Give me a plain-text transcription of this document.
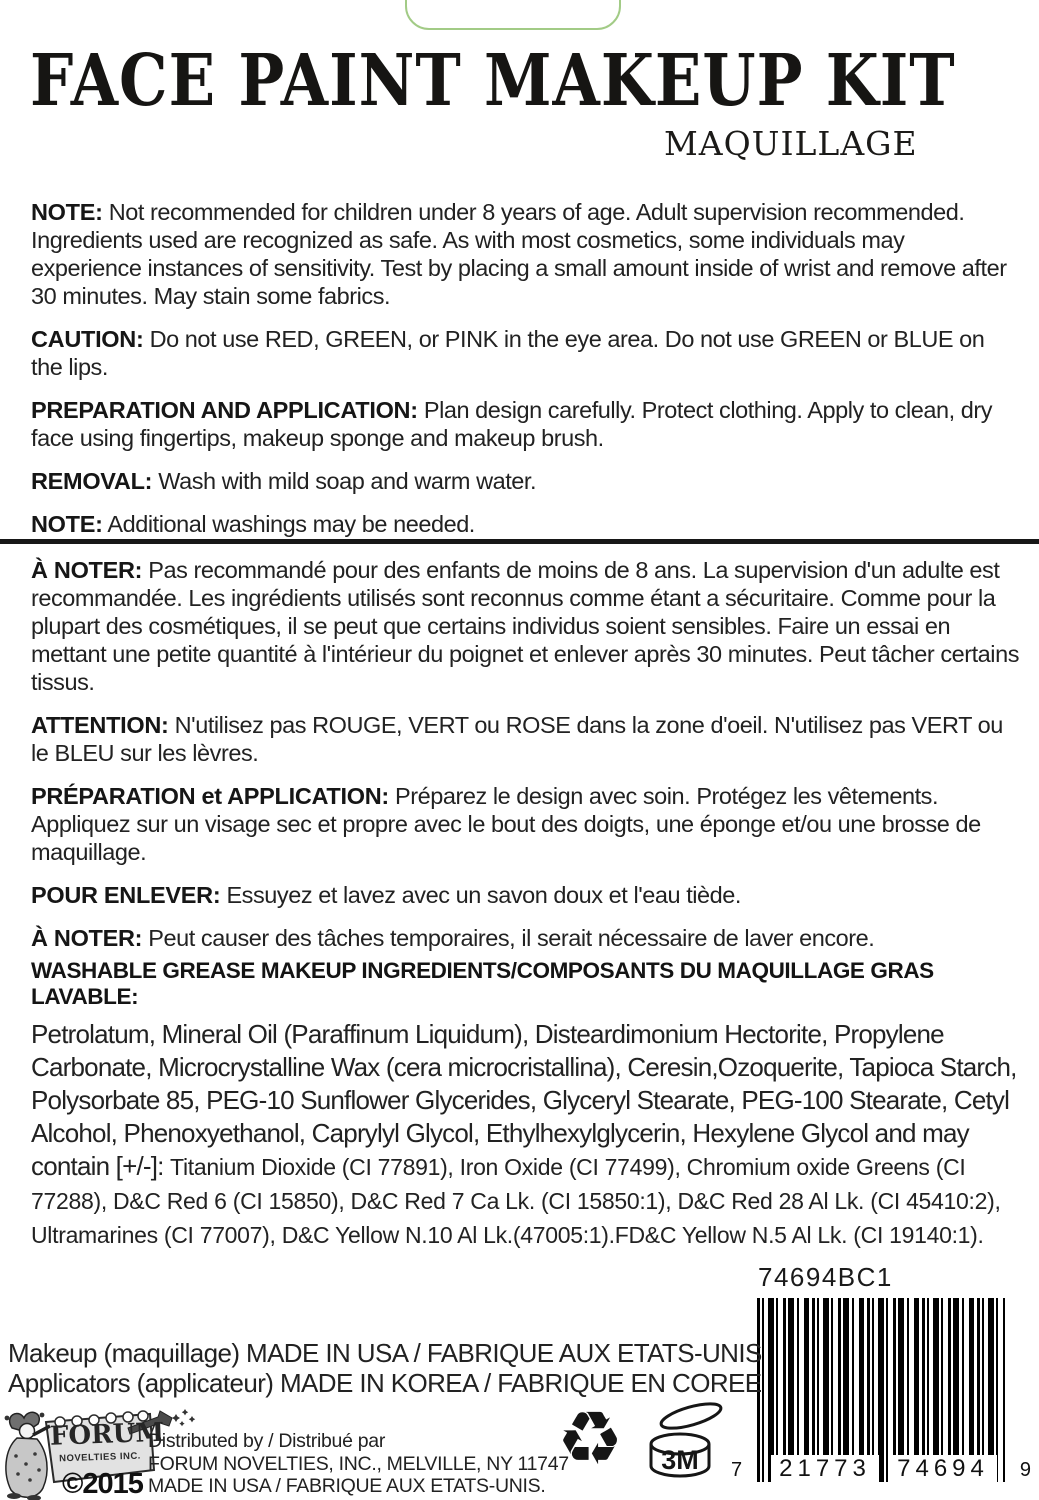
FACE PAINT MAKEUP KIT
MAQUILLAGE

NOTE: Not recommended for children under 8 years of age. Adult supervision recommended. Ingredients used are recognized as safe. As with most cosmetics, some individuals may experience instances of sensitivity. Test by placing a small amount inside of wrist and remove after 30 minutes. May stain some fabrics.

CAUTION: Do not use RED, GREEN, or PINK in the eye area. Do not use GREEN or BLUE on the lips.

PREPARATION AND APPLICATION: Plan design carefully. Protect clothing. Apply to clean, dry face using fingertips, makeup sponge and makeup brush.

REMOVAL: Wash with mild soap and warm water.

NOTE: Additional washings may be needed.

À NOTER: Pas recommandé pour des enfants de moins de 8 ans. La supervision d'un adulte est recommandée. Les ingrédients utilisés sont reconnus comme étant a sécuritaire. Comme pour la plupart des cosmétiques, il se peut que certains individus soient sensibles. Faire un essai en mettant une petite quantité à l'intérieur du poignet et enlever après 30 minutes. Peut tâcher certains tissus.

ATTENTION: N'utilisez pas ROUGE, VERT ou ROSE dans la zone d'oeil. N'utilisez pas VERT ou le BLEU sur les lèvres.

PRÉPARATION et APPLICATION: Préparez le design avec soin. Protégez les vêtements. Appliquez sur un visage sec et propre avec le bout des doigts, une éponge et/ou une brosse de maquillage.

POUR ENLEVER: Essuyez et lavez avec un savon doux et l'eau tiède.

À NOTER: Peut causer des tâches temporaires, il serait nécessaire de laver encore.

WASHABLE GREASE MAKEUP INGREDIENTS/COMPOSANTS DU MAQUILLAGE GRAS LAVABLE:

Petrolatum, Mineral Oil (Paraffinum Liquidum), Disteardimonium Hectorite, Propylene Carbonate, Microcrystalline Wax (cera microcristallina), Ceresin,Ozoquerite, Tapioca Starch, Polysorbate 85, PEG-10 Sunflower Glycerides, Glyceryl Stearate, PEG-100 Stearate, Cetyl Alcohol, Phenoxyethanol, Caprylyl Glycol, Ethylhexylglycerin, Hexylene Glycol and may contain [+/-]: Titanium Dioxide (CI 77891), Iron Oxide (CI 77499), Chromium oxide Greens (CI 77288), D&C Red 6 (CI 15850), D&C Red 7 Ca Lk. (CI 15850:1), D&C Red 28 Al Lk. (CI 45410:2), Ultramarines (CI 77007), D&C Yellow N.10 Al Lk.(47005:1).FD&C Yellow N.5 Al Lk. (CI 19140:1).

74694BC1
21773 74694
7	9
Makeup (maquillage) MADE IN USA / FABRIQUE AUX ETATS-UNIS
Applicators (applicateur) MADE IN KOREA / FABRIQUE EN COREE
FORUM
NOVELTIES INC.
©2015
Distributed by / Distribué par
FORUM NOVELTIES, INC., MELVILLE, NY 11747
MADE IN USA / FABRIQUE AUX ETATS-UNIS.
♻ 3M
